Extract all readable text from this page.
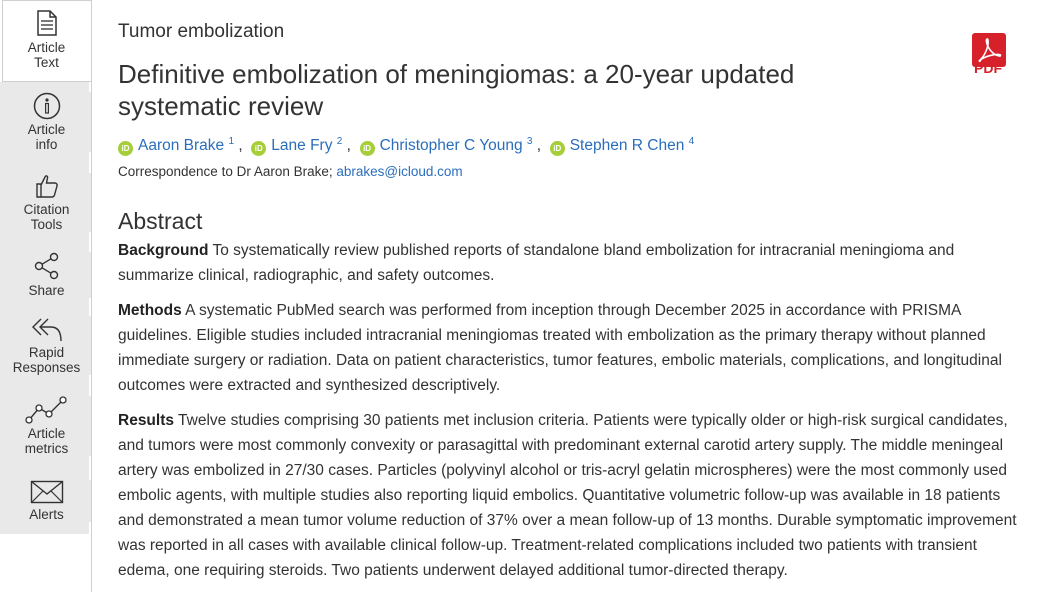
Article
Text
Article
info
Citation
Tools
Share
Rapid
Responses
Article
metrics
Alerts
PDF
Tumor embolization
Definitive embolization of meningiomas: a 20-year updated systematic review
iD Aaron Brake $^1$ ,  iD Lane Fry $^2$ ,  iD Christopher C Young $^3$ ,  iD Stephen R Chen $^4$
Correspondence to Dr Aaron Brake; abrakes@icloud.com
Abstract

Background To systematically review published reports of standalone bland embolization for intracranial meningioma and summarize clinical, radiographic, and safety outcomes.

Methods A systematic PubMed search was performed from inception through December 2025 in accordance with PRISMA guidelines. Eligible studies included intracranial meningiomas treated with embolization as the primary therapy without planned immediate surgery or radiation. Data on patient characteristics, tumor features, embolic materials, complications, and longitudinal outcomes were extracted and synthesized descriptively.

Results Twelve studies comprising 30 patients met inclusion criteria. Patients were typically older or high-risk surgical candidates, and tumors were most commonly convexity or parasagittal with predominant external carotid artery supply. The middle meningeal artery was embolized in 27/30 cases. Particles (polyvinyl alcohol or tris-acryl gelatin microspheres) were the most commonly used embolic agents, with multiple studies also reporting liquid embolics. Quantitative volumetric follow-up was available in 18 patients and demonstrated a mean tumor volume reduction of 37% over a mean follow-up of 13 months. Durable symptomatic improvement was reported in all cases with available clinical follow-up. Treatment-related complications included two patients with transient edema, one requiring steroids. Two patients underwent delayed additional tumor-directed therapy.
